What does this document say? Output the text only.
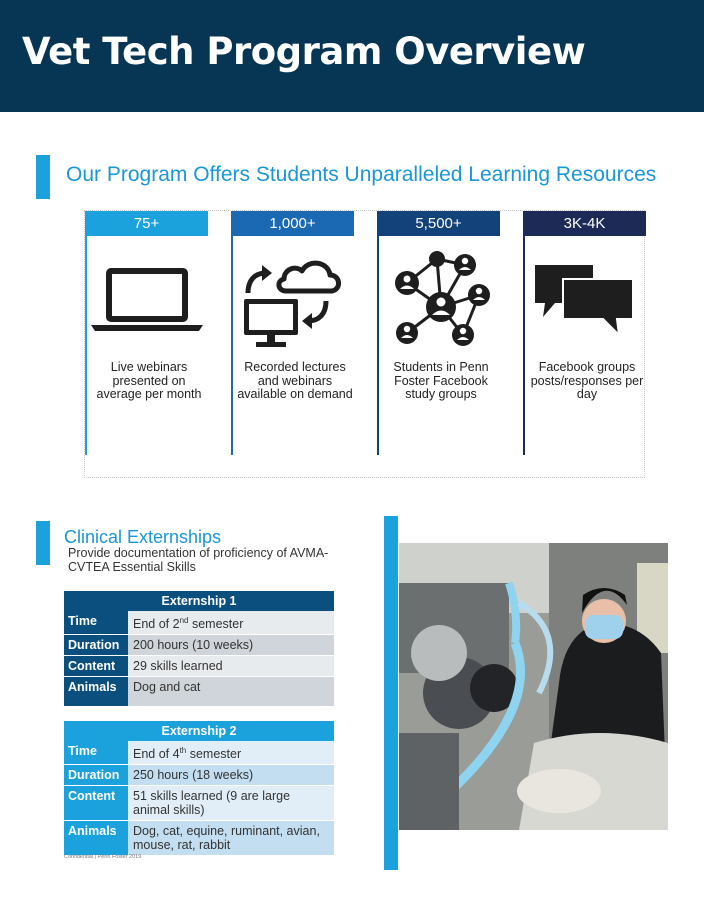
Vet Tech Program Overview
Our Program Offers Students Unparalleled Learning Resources
75+
Live webinars presented on average per month
1,000+
Recorded lectures and webinars available on demand
5,500+
Students in Penn Foster Facebook study groups
3K-4K
Facebook groups posts/responses per day
Clinical Externships
Provide documentation of proficiency of AVMA-CVTEA Essential Skills
Externship 1	
Time	End of 2nd semester
Duration	200 hours (10 weeks)
Content	29 skills learned
Animals	Dog and cat
Externship 2	
Time	End of 4th semester
Duration	250 hours (18 weeks)
Content	51 skills learned (9 are large animal skills)
Animals	Dog, cat, equine, ruminant, avian, mouse, rat, rabbit
Confidential | Penn Foster 2019
